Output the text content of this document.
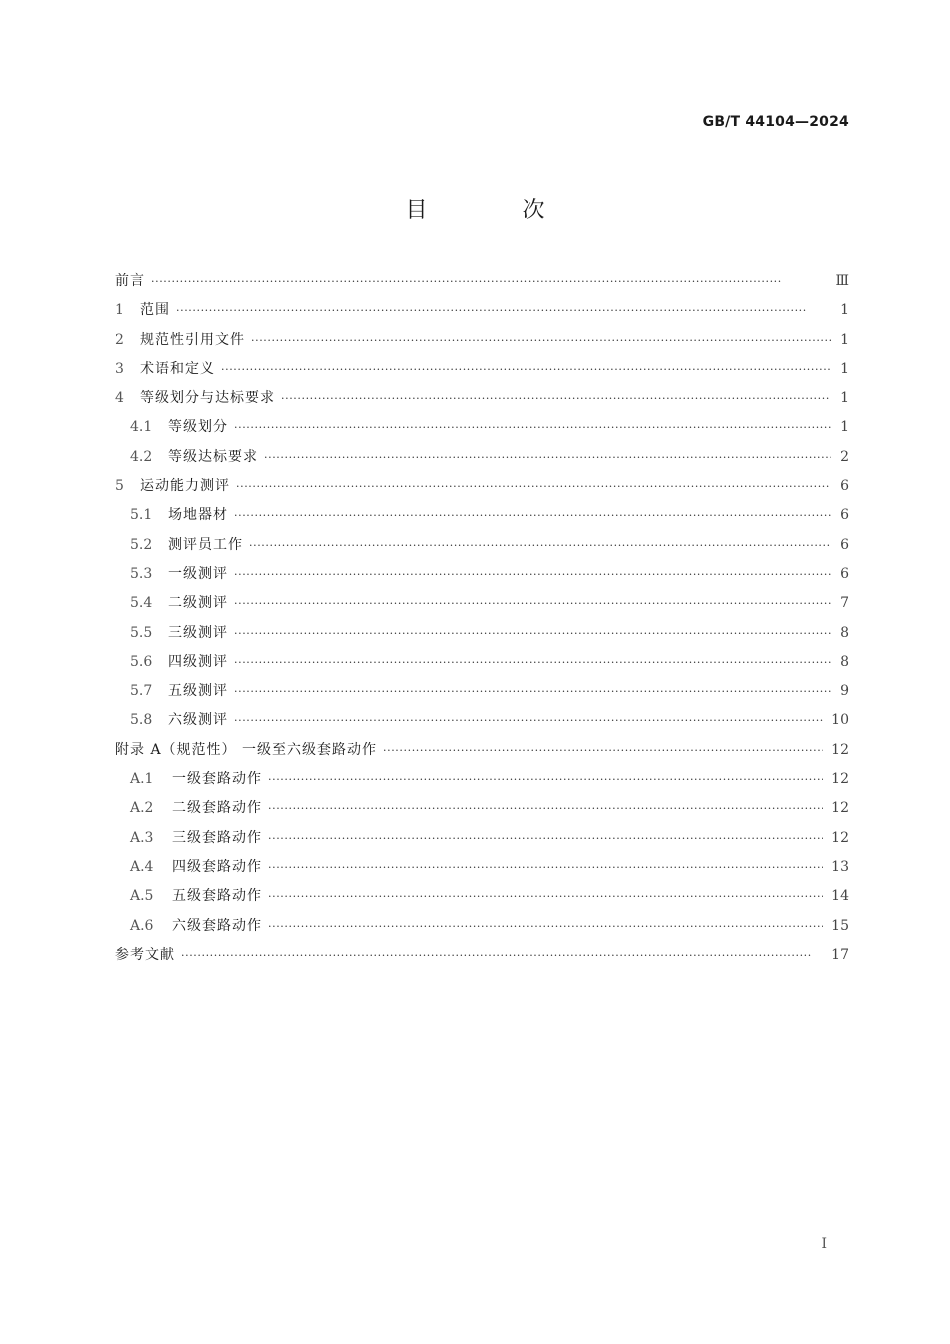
GB/T 44104—2024
目 次
前言 ·····	Ⅲ
1	范围 ·····	1
2	规范性引用文件 ·····	1
3	术语和定义 ·····	1
4	等级划分与达标要求 ·····	1
4.1	等级划分 ·····	1
4.2	等级达标要求 ·····	2
5	运动能力测评 ·····	6
5.1	场地器材 ·····	6
5.2	测评员工作 ·····	6
5.3	一级测评 ·····	6
5.4	二级测评 ·····	7
5.5	三级测评 ·····	8
5.6	四级测评 ·····	8
5.7	五级测评 ·····	9
5.8	六级测评 ·····	10
附录 A（规范性） 一级至六级套路动作 ·····	12
A.1	一级套路动作 ·····	12
A.2	二级套路动作 ·····	12
A.3	三级套路动作 ·····	12
A.4	四级套路动作 ·····	13
A.5	五级套路动作 ·····	14
A.6	六级套路动作 ·····	15
参考文献 ·····	17
I
